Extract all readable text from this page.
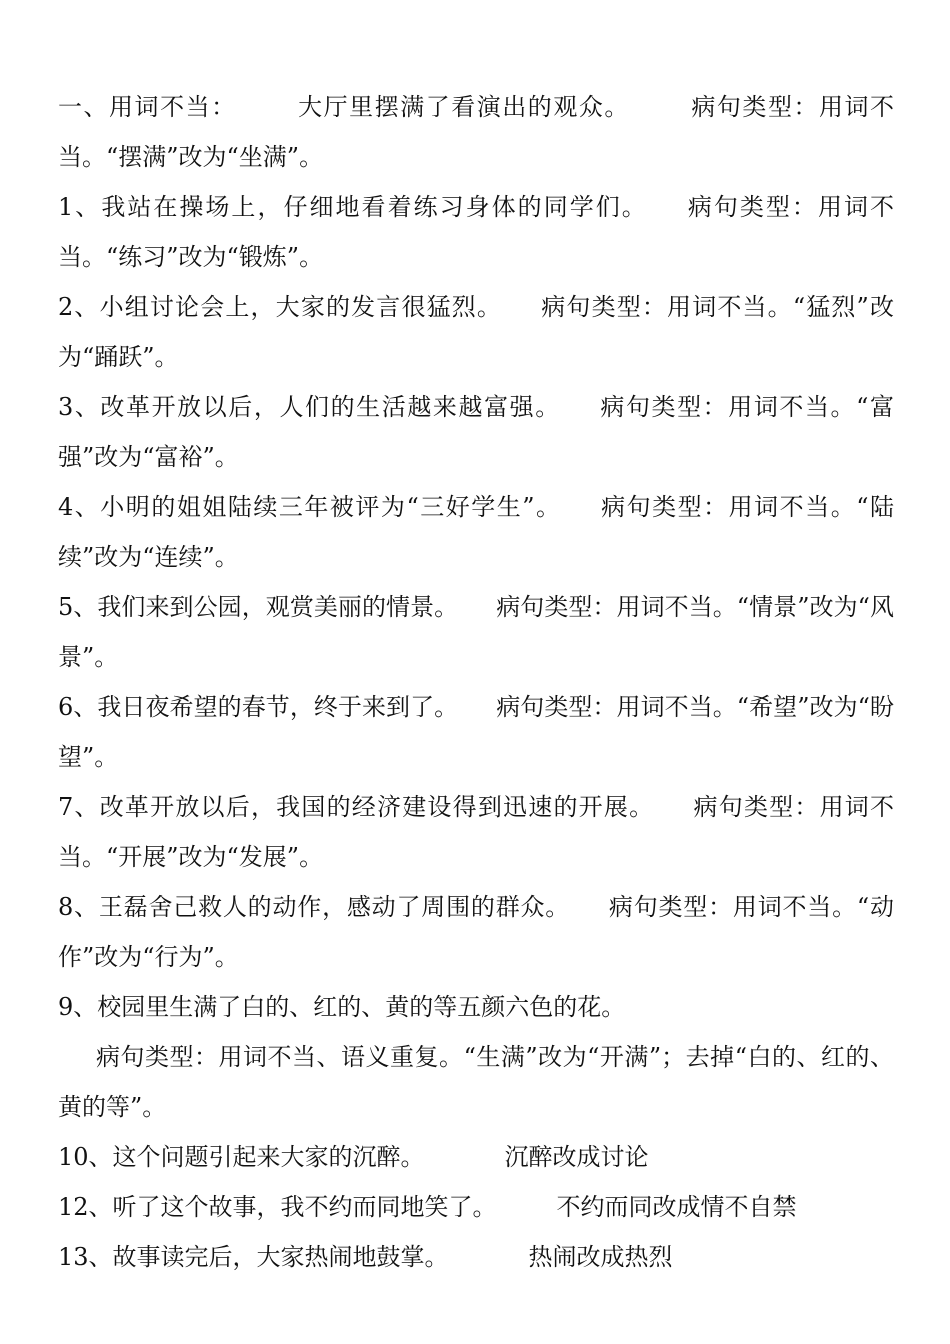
一、用词不当：	大厅里摆满了看演出的观众。	病句类型：用词不当。“摆满”改为“坐满”。

1、我站在操场上，仔细地看着练习身体的同学们。 病句类型：用词不当。“练习”改为“锻炼”。

2、小组讨论会上，大家的发言很猛烈。 病句类型：用词不当。“猛烈”改为“踊跃”。

3、改革开放以后，人们的生活越来越富强。 病句类型：用词不当。“富强”改为“富裕”。

4、小明的姐姐陆续三年被评为“三好学生”。 病句类型：用词不当。“陆续”改为“连续”。

5、我们来到公园，观赏美丽的情景。 病句类型：用词不当。“情景”改为“风景”。

6、我日夜希望的春节，终于来到了。 病句类型：用词不当。“希望”改为“盼望”。

7、改革开放以后，我国的经济建设得到迅速的开展。 病句类型：用词不当。“开展”改为“发展”。

8、王磊舍己救人的动作，感动了周围的群众。 病句类型：用词不当。“动作”改为“行为”。

9、校园里生满了白的、红的、黄的等五颜六色的花。

病句类型：用词不当、语义重复。“生满”改为“开满”；去掉“白的、红的、黄的等”。

10、这个问题引起来大家的沉醉。	沉醉改成讨论

12、听了这个故事，我不约而同地笑了。	不约而同改成情不自禁

13、故事读完后，大家热闹地鼓掌。	热闹改成热烈
